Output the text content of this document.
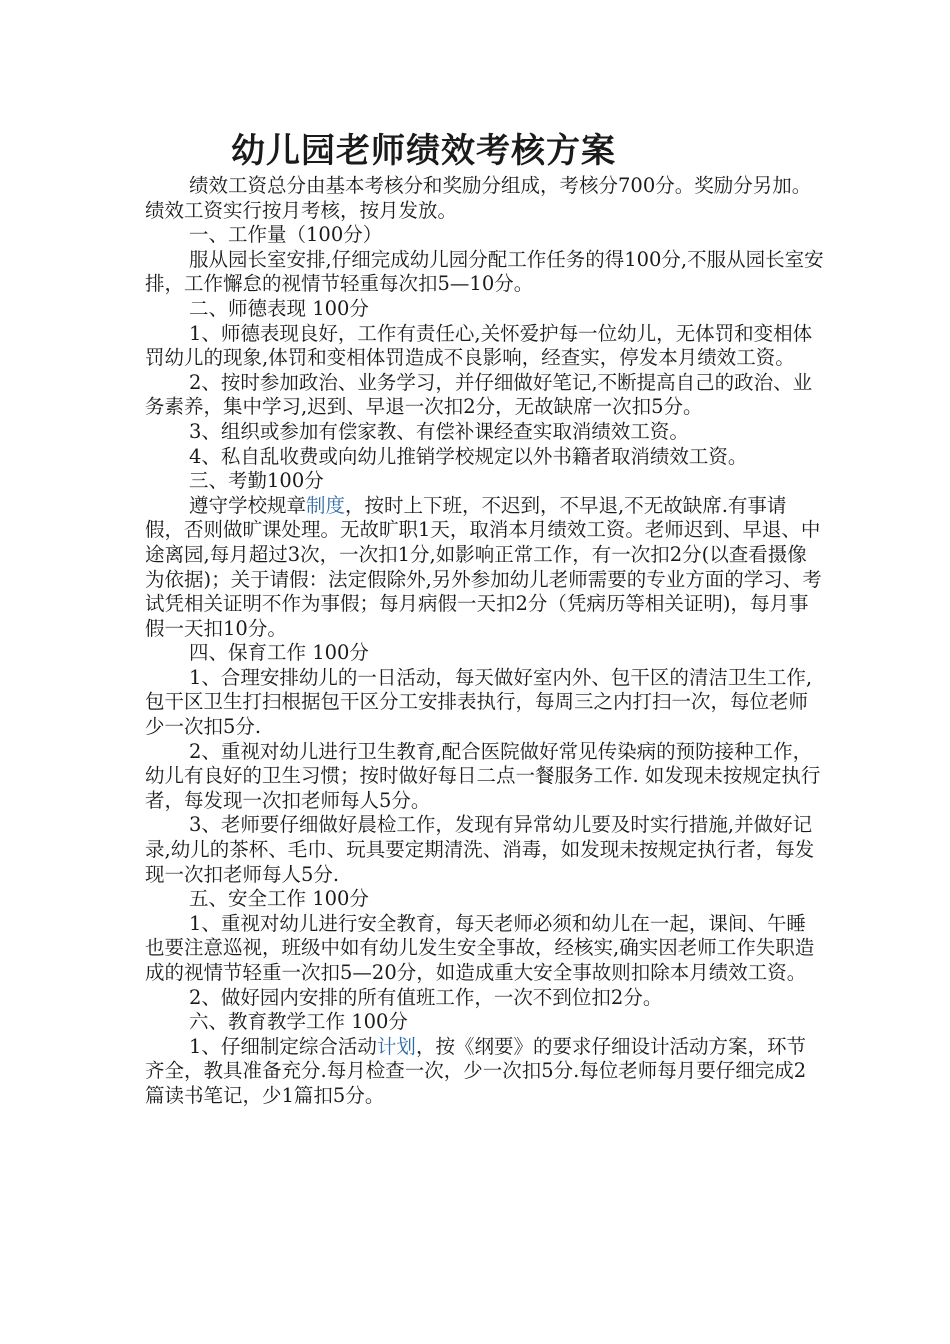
幼儿园老师绩效考核方案

绩效工资总分由基本考核分和奖励分组成，考核分700分。奖励分另加。绩效工资实行按月考核，按月发放。

一、工作量（100分）

服从园长室安排,仔细完成幼儿园分配工作任务的得100分,不服从园长室安排，工作懈怠的视情节轻重每次扣5—10分。

二、师德表现 100分

1、师德表现良好，工作有责任心,关怀爱护每一位幼儿，无体罚和变相体罚幼儿的现象,体罚和变相体罚造成不良影响，经查实，停发本月绩效工资。

2、按时参加政治、业务学习，并仔细做好笔记,不断提高自己的政治、业务素养，集中学习,迟到、早退一次扣2分，无故缺席一次扣5分。

3、组织或参加有偿家教、有偿补课经查实取消绩效工资。

4、私自乱收费或向幼儿推销学校规定以外书籍者取消绩效工资。

三、考勤100分

遵守学校规章制度，按时上下班，不迟到，不早退,不无故缺席.有事请假，否则做旷课处理。无故旷职1天，取消本月绩效工资。老师迟到、早退、中途离园,每月超过3次，一次扣1分,如影响正常工作，有一次扣2分(以查看摄像为依据)；关于请假：法定假除外,另外参加幼儿老师需要的专业方面的学习、考试凭相关证明不作为事假；每月病假一天扣2分（凭病历等相关证明)，每月事假一天扣10分。

四、保育工作 100分

1、合理安排幼儿的一日活动，每天做好室内外、包干区的清洁卫生工作,包干区卫生打扫根据包干区分工安排表执行，每周三之内打扫一次，每位老师少一次扣5分.

2、重视对幼儿进行卫生教育,配合医院做好常见传染病的预防接种工作，幼儿有良好的卫生习惯；按时做好每日二点一餐服务工作. 如发现未按规定执行者，每发现一次扣老师每人5分。

3、老师要仔细做好晨检工作，发现有异常幼儿要及时实行措施,并做好记录,幼儿的茶杯、毛巾、玩具要定期清洗、消毒，如发现未按规定执行者，每发现一次扣老师每人5分.

五、安全工作 100分

1、重视对幼儿进行安全教育，每天老师必须和幼儿在一起，课间、午睡也要注意巡视，班级中如有幼儿发生安全事故，经核实,确实因老师工作失职造成的视情节轻重一次扣5—20分，如造成重大安全事故则扣除本月绩效工资。

2、做好园内安排的所有值班工作，一次不到位扣2分。

六、教育教学工作 100分

1、仔细制定综合活动计划，按《纲要》的要求仔细设计活动方案，环节齐全，教具准备充分.每月检查一次，少一次扣5分.每位老师每月要仔细完成2篇读书笔记，少1篇扣5分。
